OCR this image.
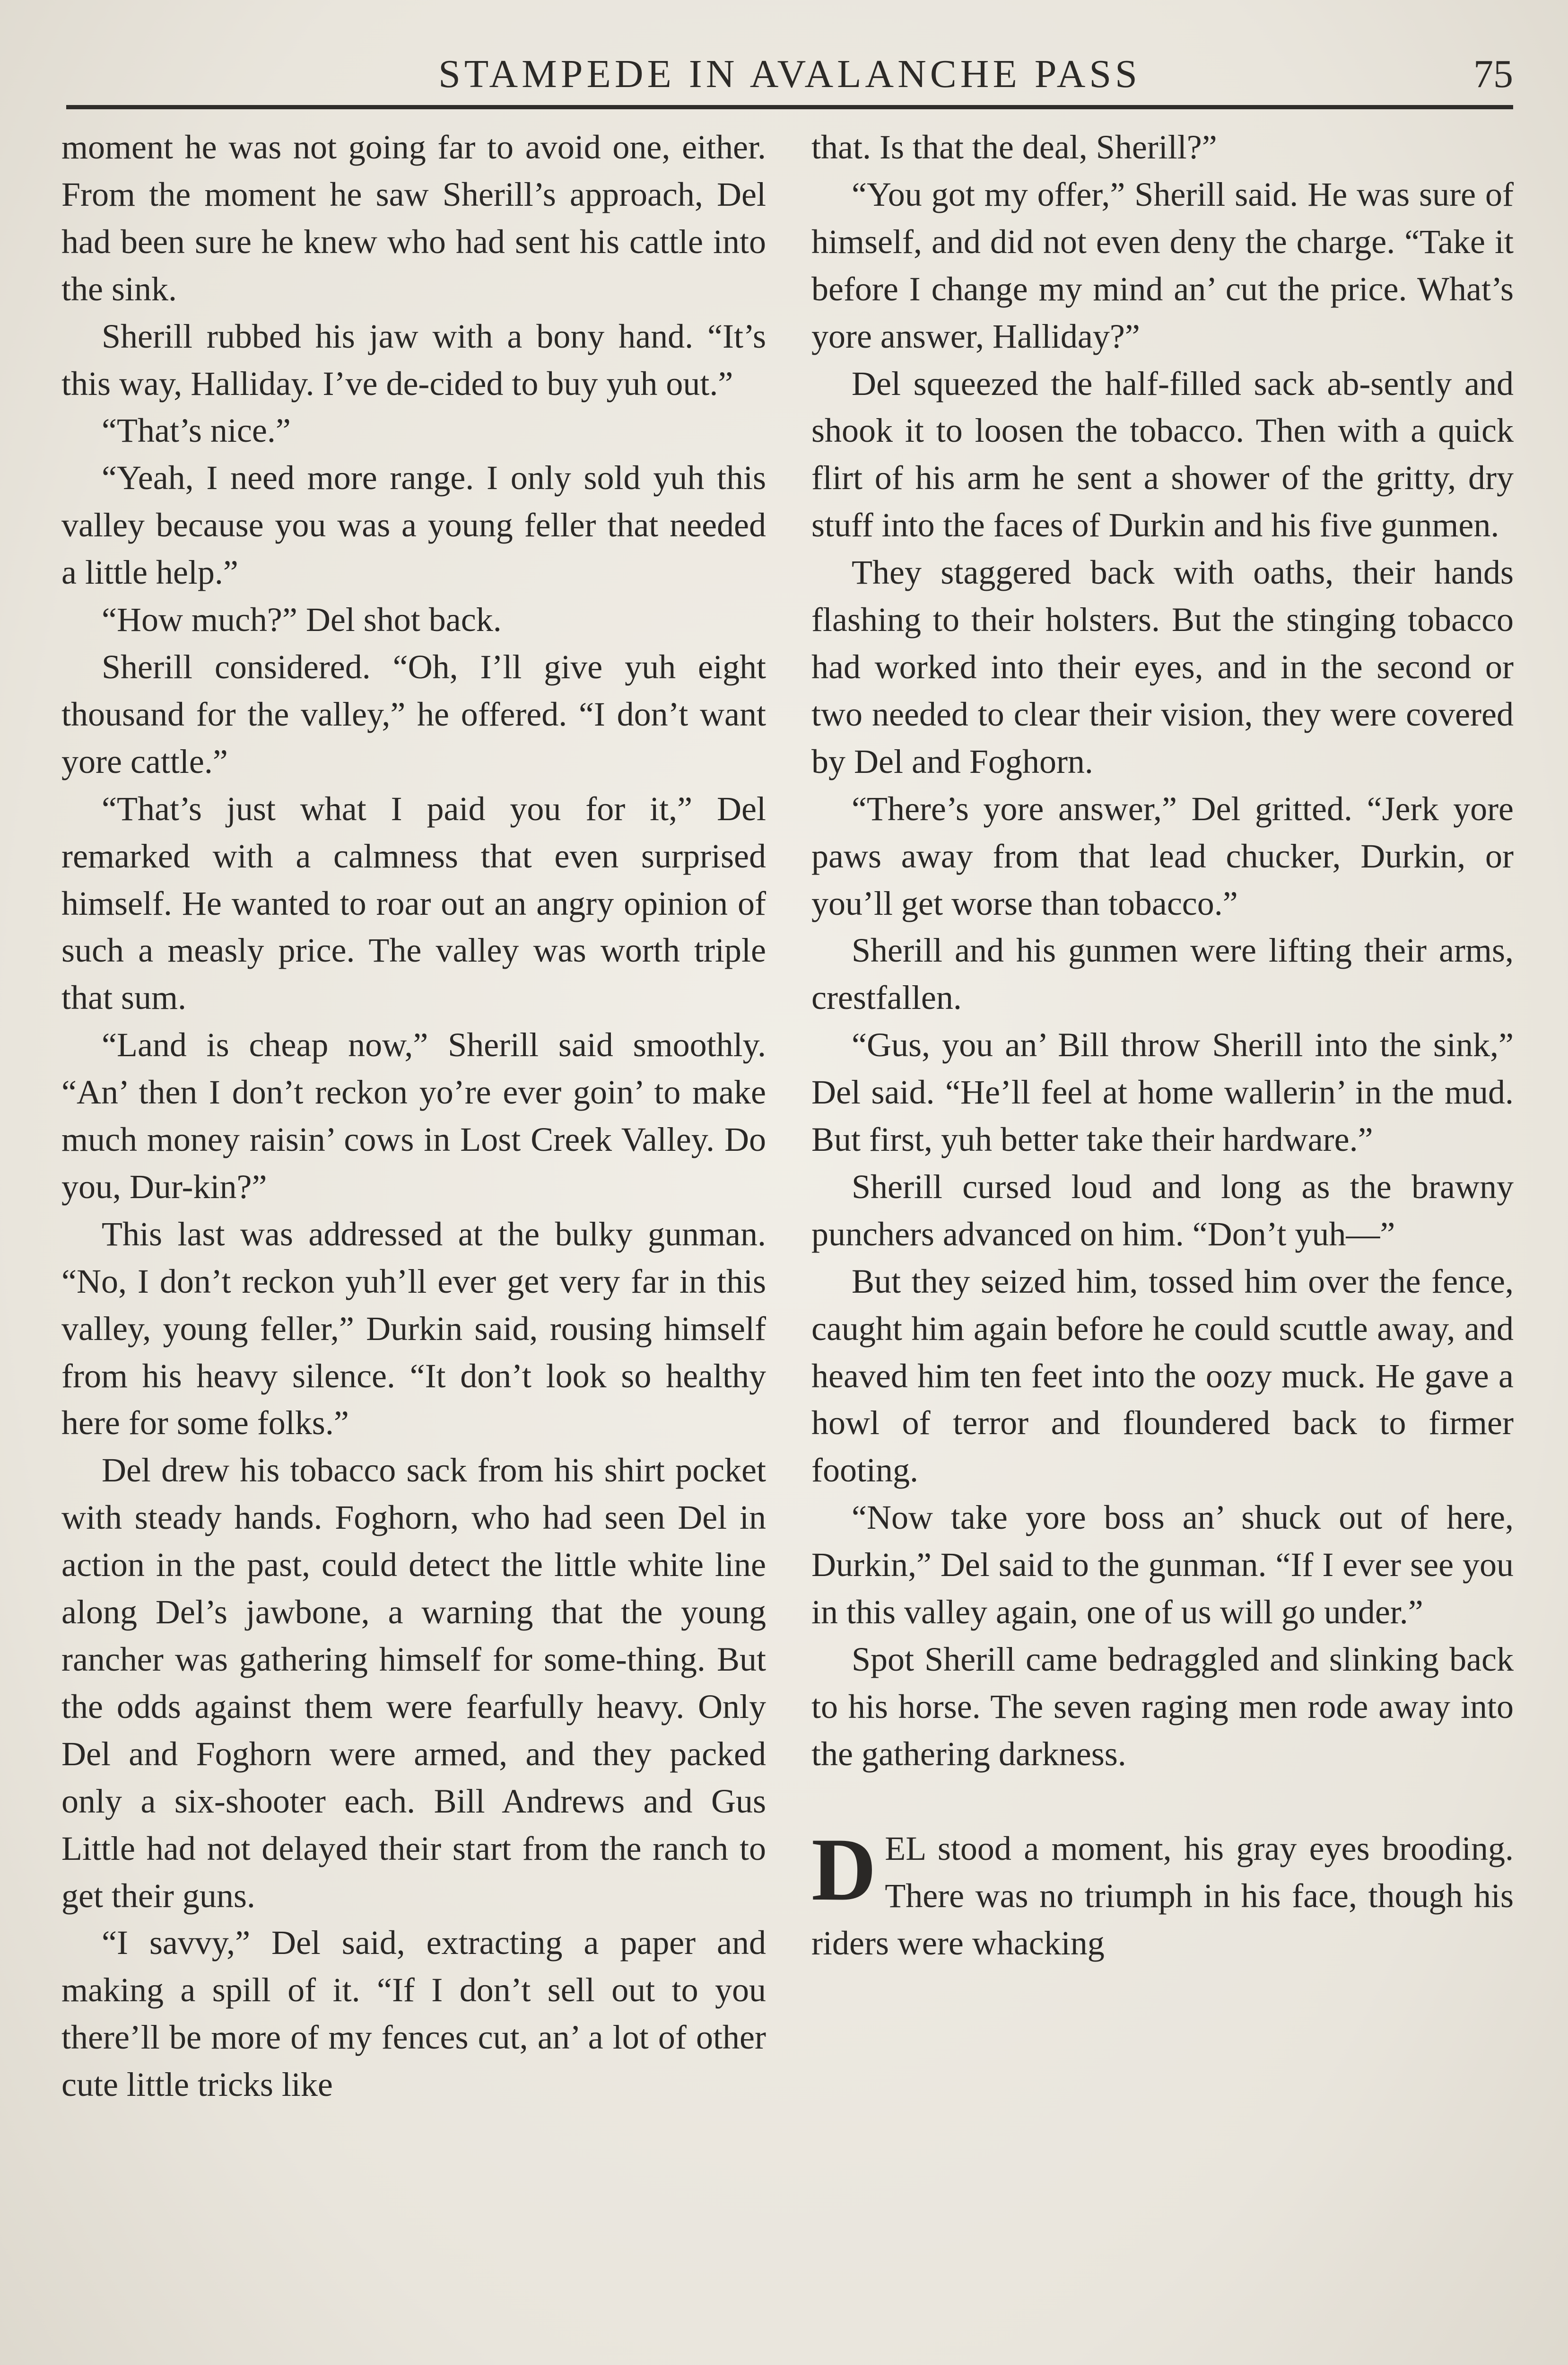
STAMPEDE IN AVALANCHE PASS	75

moment he was not going far to avoid one, either. From the moment he saw Sherill’s approach, Del had been sure he knew who had sent his cattle into the sink.

Sherill rubbed his jaw with a bony hand. “It’s this way, Halliday. I’ve de-cided to buy yuh out.”

“That’s nice.”

“Yeah, I need more range. I only sold yuh this valley because you was a young feller that needed a little help.”

“How much?” Del shot back.

Sherill considered. “Oh, I’ll give yuh eight thousand for the valley,” he offered. “I don’t want yore cattle.”

“That’s just what I paid you for it,” Del remarked with a calmness that even surprised himself. He wanted to roar out an angry opinion of such a measly price. The valley was worth triple that sum.

“Land is cheap now,” Sherill said smoothly. “An’ then I don’t reckon yo’re ever goin’ to make much money raisin’ cows in Lost Creek Valley. Do you, Dur-kin?”

This last was addressed at the bulky gunman. “No, I don’t reckon yuh’ll ever get very far in this valley, young feller,” Durkin said, rousing himself from his heavy silence. “It don’t look so healthy here for some folks.”

Del drew his tobacco sack from his shirt pocket with steady hands. Foghorn, who had seen Del in action in the past, could detect the little white line along Del’s jawbone, a warning that the young rancher was gathering himself for some-thing. But the odds against them were fearfully heavy. Only Del and Foghorn were armed, and they packed only a six-shooter each. Bill Andrews and Gus Little had not delayed their start from the ranch to get their guns.

“I savvy,” Del said, extracting a paper and making a spill of it. “If I don’t sell out to you there’ll be more of my fences cut, an’ a lot of other cute little tricks like

that. Is that the deal, Sherill?”

“You got my offer,” Sherill said. He was sure of himself, and did not even deny the charge. “Take it before I change my mind an’ cut the price. What’s yore answer, Halliday?”

Del squeezed the half-filled sack ab-sently and shook it to loosen the tobacco. Then with a quick flirt of his arm he sent a shower of the gritty, dry stuff into the faces of Durkin and his five gunmen.

They staggered back with oaths, their hands flashing to their holsters. But the stinging tobacco had worked into their eyes, and in the second or two needed to clear their vision, they were covered by Del and Foghorn.

“There’s yore answer,” Del gritted. “Jerk yore paws away from that lead chucker, Durkin, or you’ll get worse than tobacco.”

Sherill and his gunmen were lifting their arms, crestfallen.

“Gus, you an’ Bill throw Sherill into the sink,” Del said. “He’ll feel at home wallerin’ in the mud. But first, yuh better take their hardware.”

Sherill cursed loud and long as the brawny punchers advanced on him. “Don’t yuh—”

But they seized him, tossed him over the fence, caught him again before he could scuttle away, and heaved him ten feet into the oozy muck. He gave a howl of terror and floundered back to firmer footing.

“Now take yore boss an’ shuck out of here, Durkin,” Del said to the gunman. “If I ever see you in this valley again, one of us will go under.”

Spot Sherill came bedraggled and slinking back to his horse. The seven raging men rode away into the gathering darkness.

DEL stood a moment, his gray eyes brooding. There was no triumph in his face, though his riders were whacking
